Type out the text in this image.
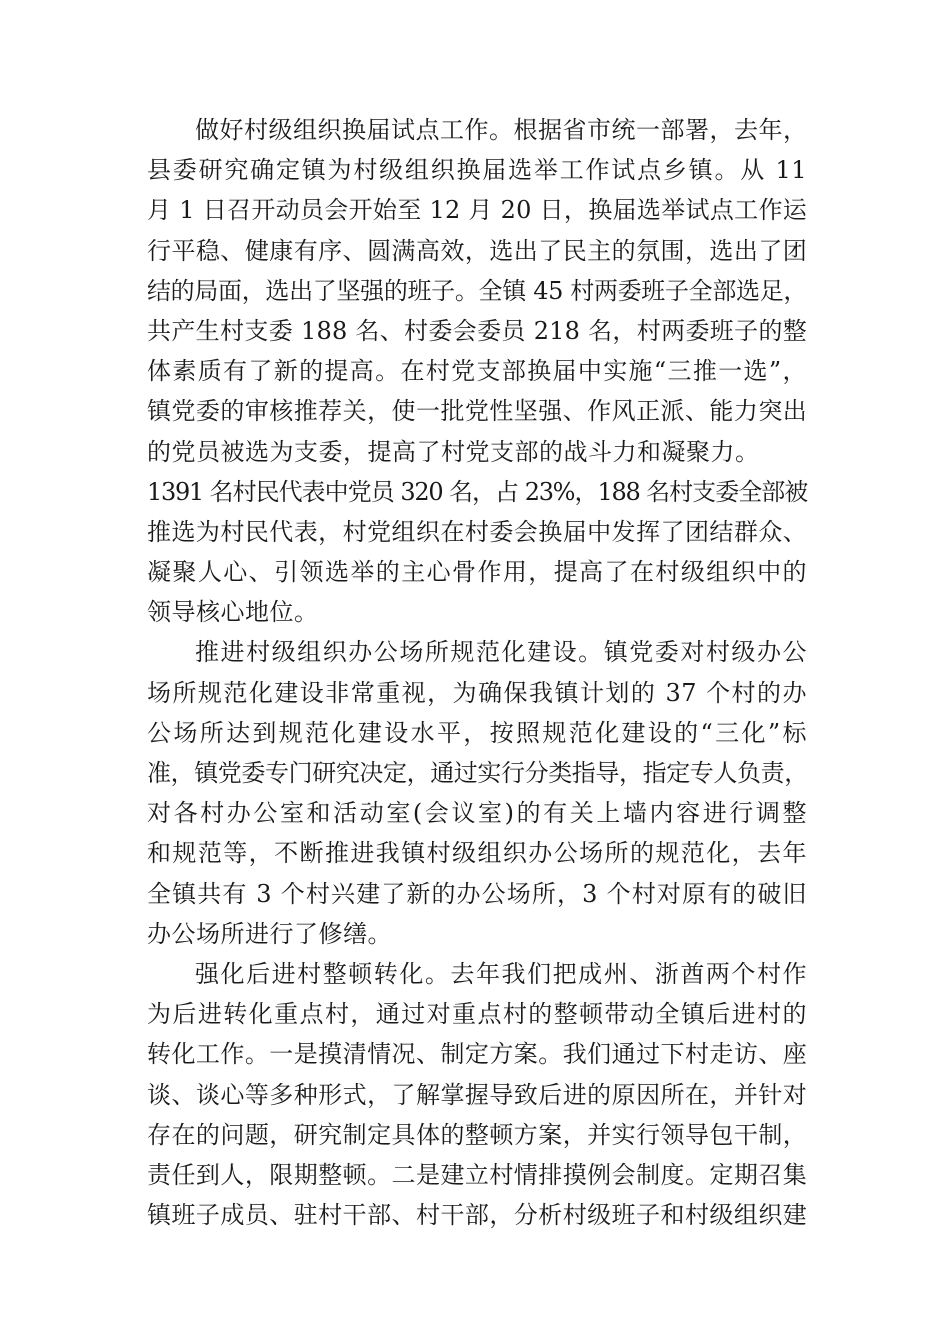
做好村级组织换届试点工作。根据省市统一部署，去年，
县委研究确定镇为村级组织换届选举工作试点乡镇。从 11
月 1 日召开动员会开始至 12 月 20 日，换届选举试点工作运
行平稳、健康有序、圆满高效，选出了民主的氛围，选出了团
结的局面，选出了坚强的班子。全镇 45 村两委班子全部选足，
共产生村支委 188 名、村委会委员 218 名，村两委班子的整
体素质有了新的提高。在村党支部换届中实施“三推一选”，
镇党委的审核推荐关，使一批党性坚强、作风正派、能力突出
的党员被选为支委，提高了村党支部的战斗力和凝聚力。
1391 名村民代表中党员 320 名，占 23%，188 名村支委全部被
推选为村民代表，村党组织在村委会换届中发挥了团结群众、
凝聚人心、引领选举的主心骨作用，提高了在村级组织中的
领导核心地位。
推进村级组织办公场所规范化建设。镇党委对村级办公
场所规范化建设非常重视，为确保我镇计划的 37 个村的办
公场所达到规范化建设水平，按照规范化建设的“三化”标
准，镇党委专门研究决定，通过实行分类指导，指定专人负责，
对各村办公室和活动室(会议室)的有关上墙内容进行调整
和规范等，不断推进我镇村级组织办公场所的规范化，去年
全镇共有 3 个村兴建了新的办公场所，3 个村对原有的破旧
办公场所进行了修缮。
强化后进村整顿转化。去年我们把成州、浙酋两个村作
为后进转化重点村，通过对重点村的整顿带动全镇后进村的
转化工作。一是摸清情况、制定方案。我们通过下村走访、座
谈、谈心等多种形式，了解掌握导致后进的原因所在，并针对
存在的问题，研究制定具体的整顿方案，并实行领导包干制，
责任到人，限期整顿。二是建立村情排摸例会制度。定期召集
镇班子成员、驻村干部、村干部，分析村级班子和村级组织建
